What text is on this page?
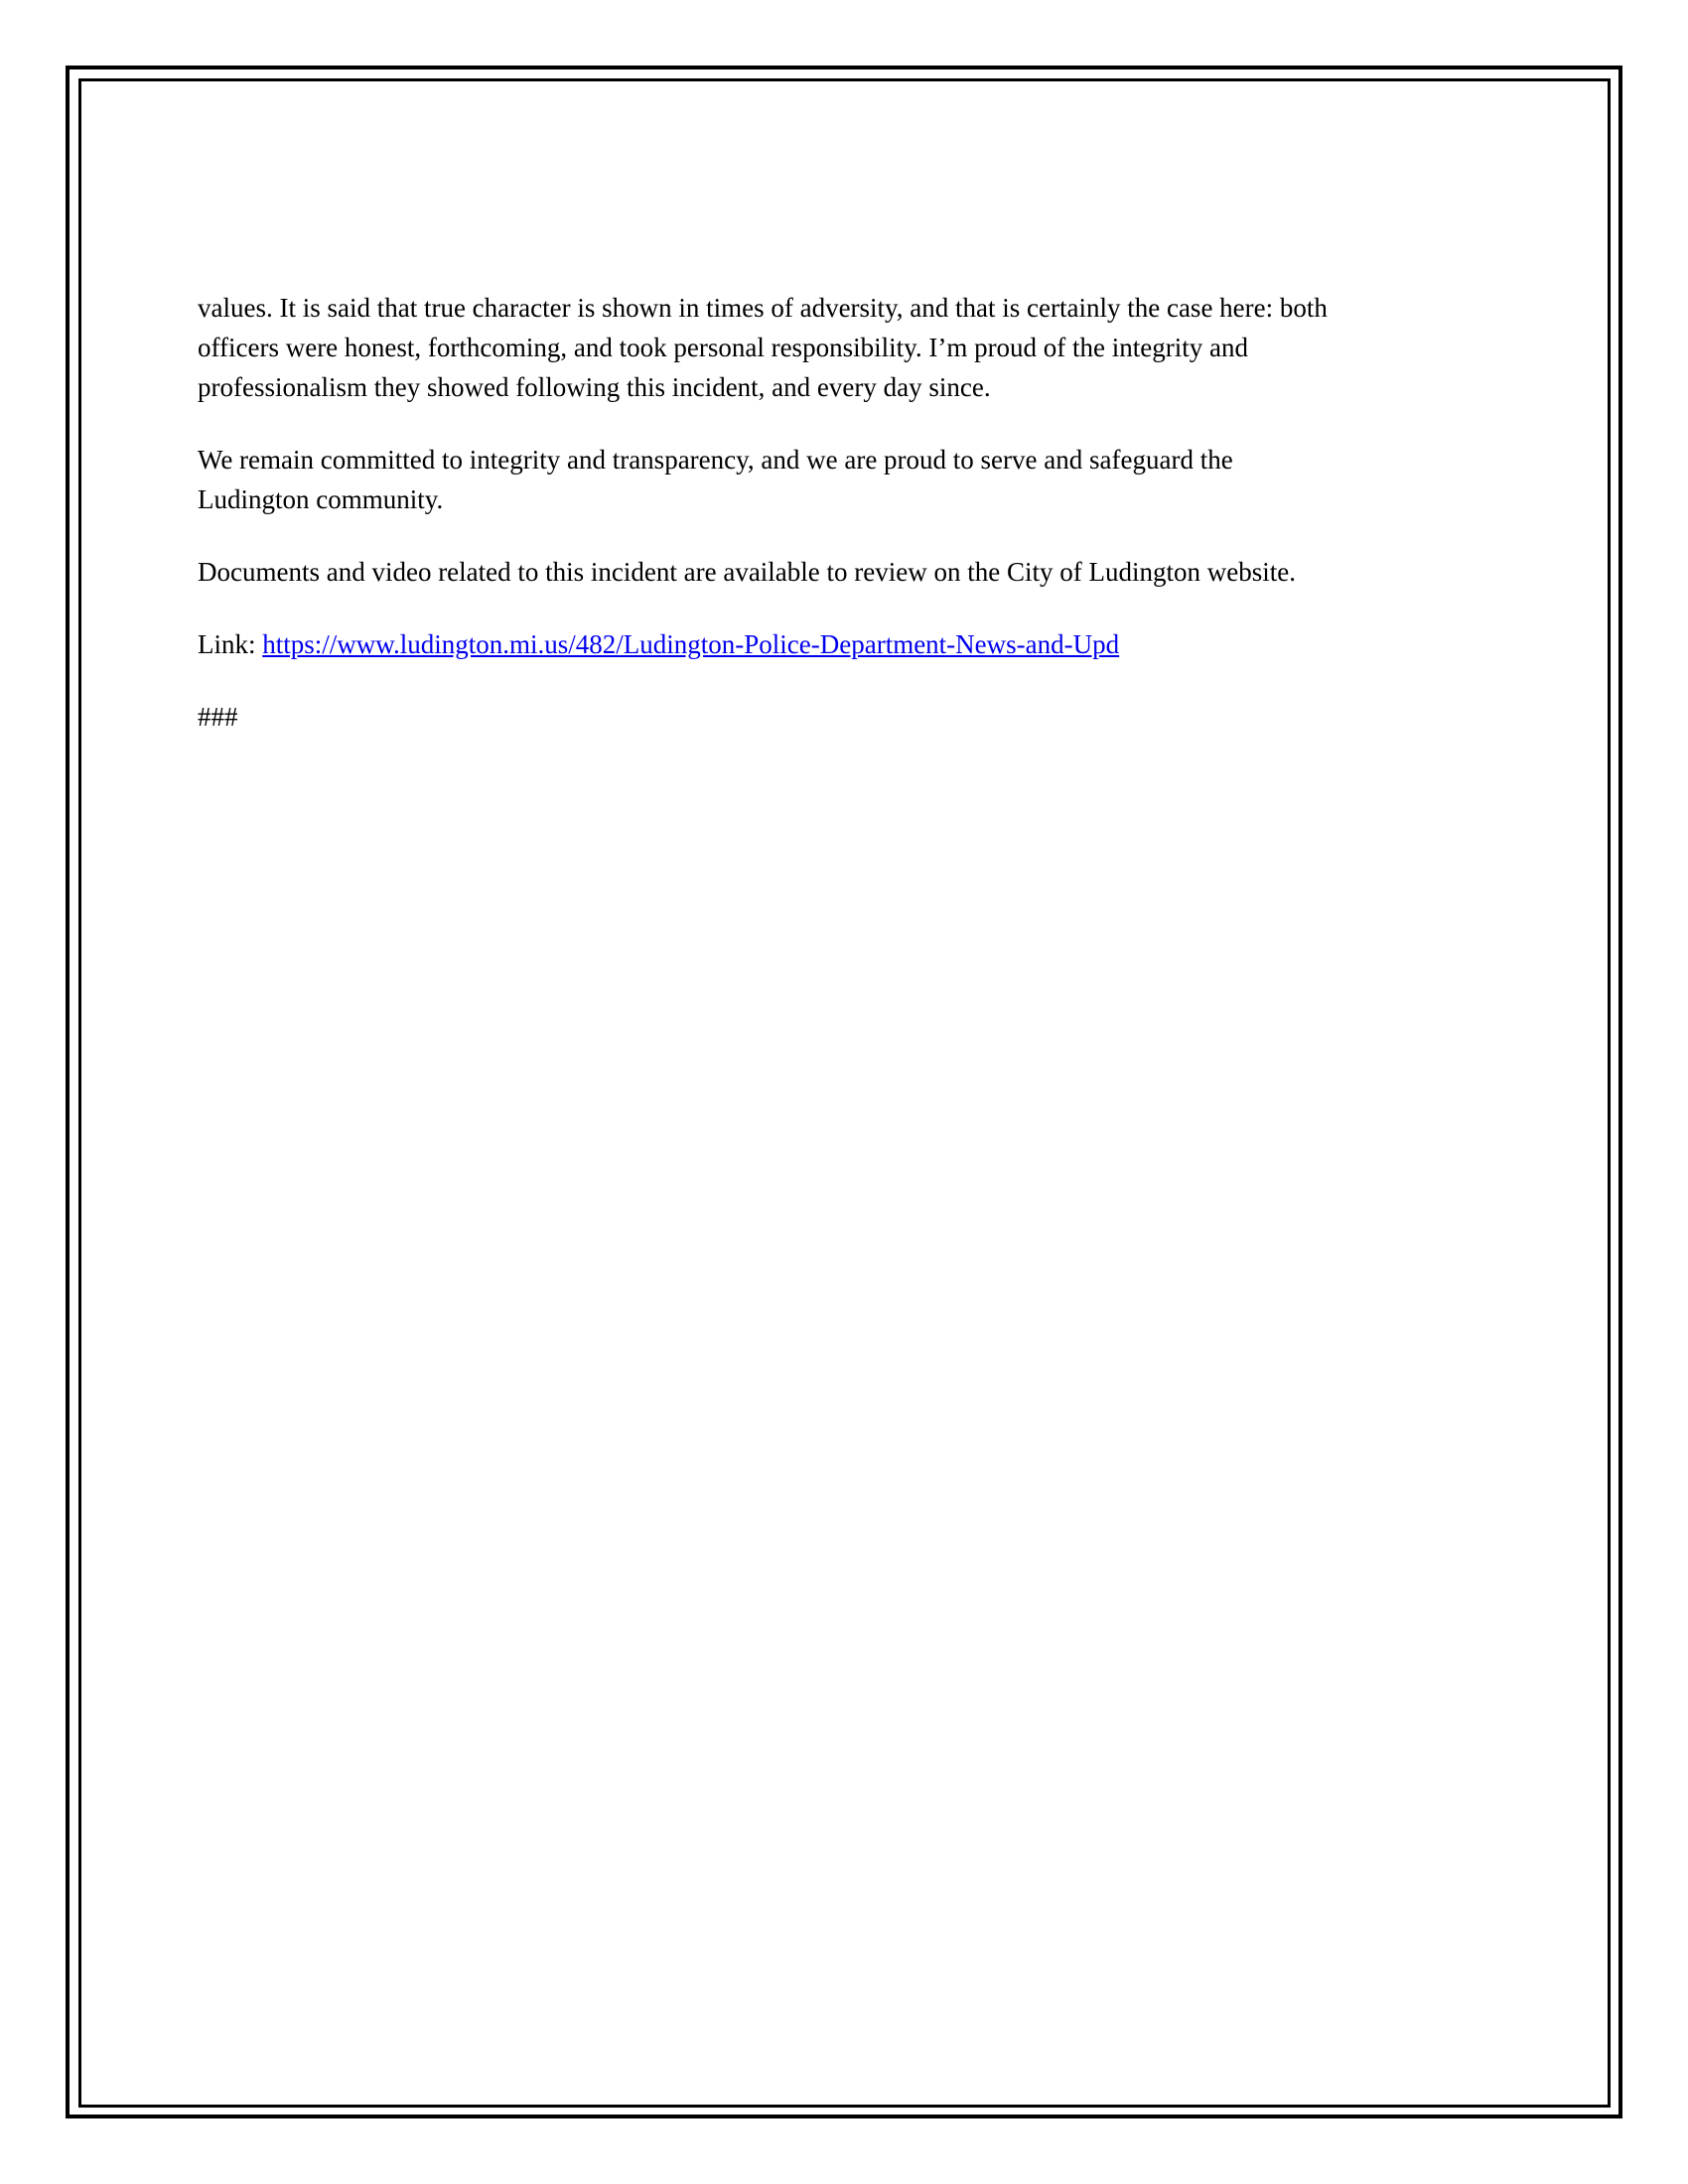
values. It is said that true character is shown in times of adversity, and that is certainly the case here: both
officers were honest, forthcoming, and took personal responsibility. I’m proud of the integrity and
professionalism they showed following this incident, and every day since.

We remain committed to integrity and transparency, and we are proud to serve and safeguard the
Ludington community.

Documents and video related to this incident are available to review on the City of Ludington website.

Link: https://www.ludington.mi.us/482/Ludington-Police-Department-News-and-Upd

###
